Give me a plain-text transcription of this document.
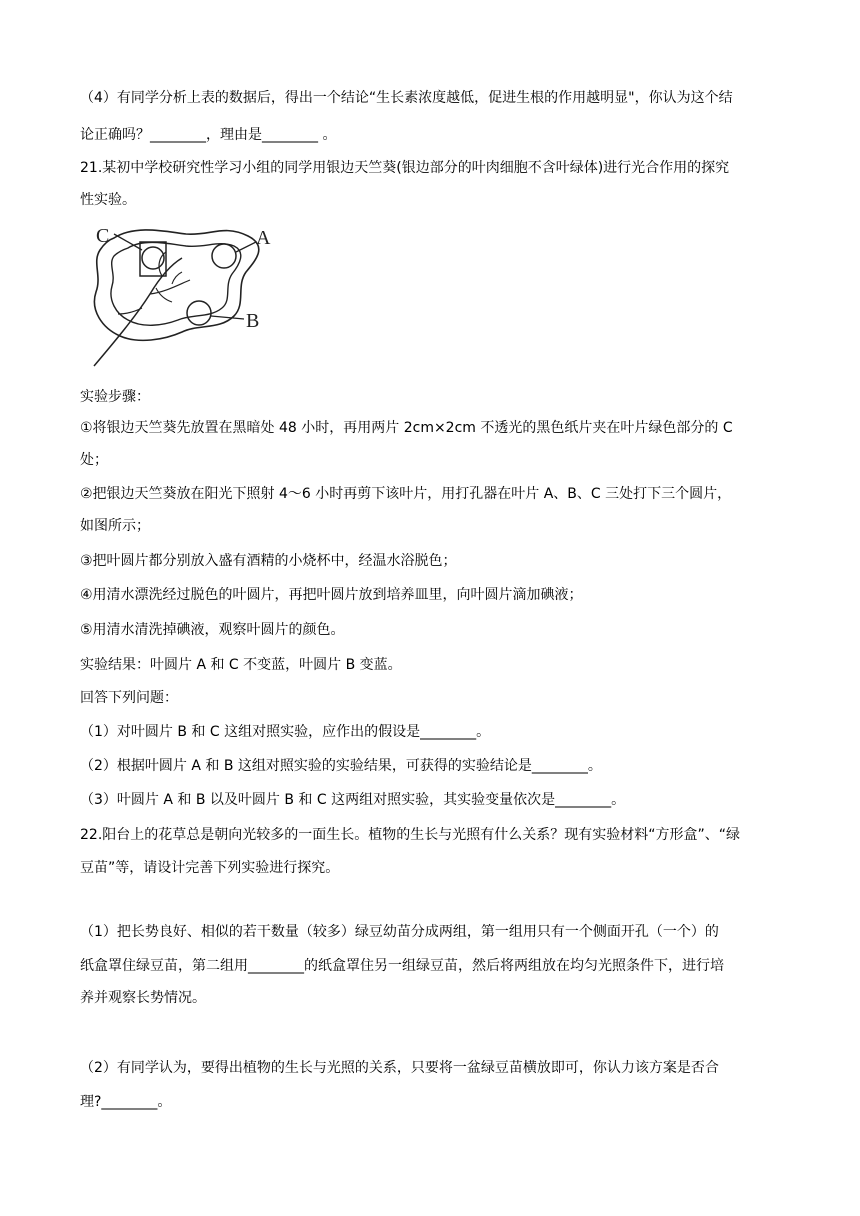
（4）有同学分析上表的数据后，得出一个结论“生长素浓度越低，促进生根的作用越明显"，你认为这个结
论正确吗？________，理由是________ 。
21.某初中学校研究性学习小组的同学用银边天竺葵(银边部分的叶肉细胞不含叶绿体)进行光合作用的探究
性实验。
C	A
B
实验步骤：
①将银边天竺葵先放置在黑暗处 48 小时，再用两片 2cm×2cm 不透光的黑色纸片夹在叶片绿色部分的 C
处；
②把银边天竺葵放在阳光下照射 4～6 小时再剪下该叶片，用打孔器在叶片 A、B、C 三处打下三个圆片，
如图所示；
③把叶圆片都分别放入盛有酒精的小烧杯中，经温水浴脱色；
④用清水漂洗经过脱色的叶圆片，再把叶圆片放到培养皿里，向叶圆片滴加碘液；
⑤用清水清洗掉碘液，观察叶圆片的颜色。
实验结果：叶圆片 A 和 C 不变蓝，叶圆片 B 变蓝。
回答下列问题：
（1）对叶圆片 B 和 C 这组对照实验，应作出的假设是________。
（2）根据叶圆片 A 和 B 这组对照实验的实验结果，可获得的实验结论是________。
（3）叶圆片 A 和 B 以及叶圆片 B 和 C 这两组对照实验，其实验变量依次是________。
22.阳台上的花草总是朝向光较多的一面生长。植物的生长与光照有什么关系？现有实验材料“方形盒”、“绿
豆苗”等，请设计完善下列实验进行探究。
（1）把长势良好、相似的若干数量（较多）绿豆幼苗分成两组，第一组用只有一个侧面开孔（一个）的
纸盒罩住绿豆苗，第二组用________的纸盒罩住另一组绿豆苗，然后将两组放在均匀光照条件下，进行培
养并观察长势情况。
（2）有同学认为，要得出植物的生长与光照的关系，只要将一盆绿豆苗横放即可，你认力该方案是否合
理?________。
